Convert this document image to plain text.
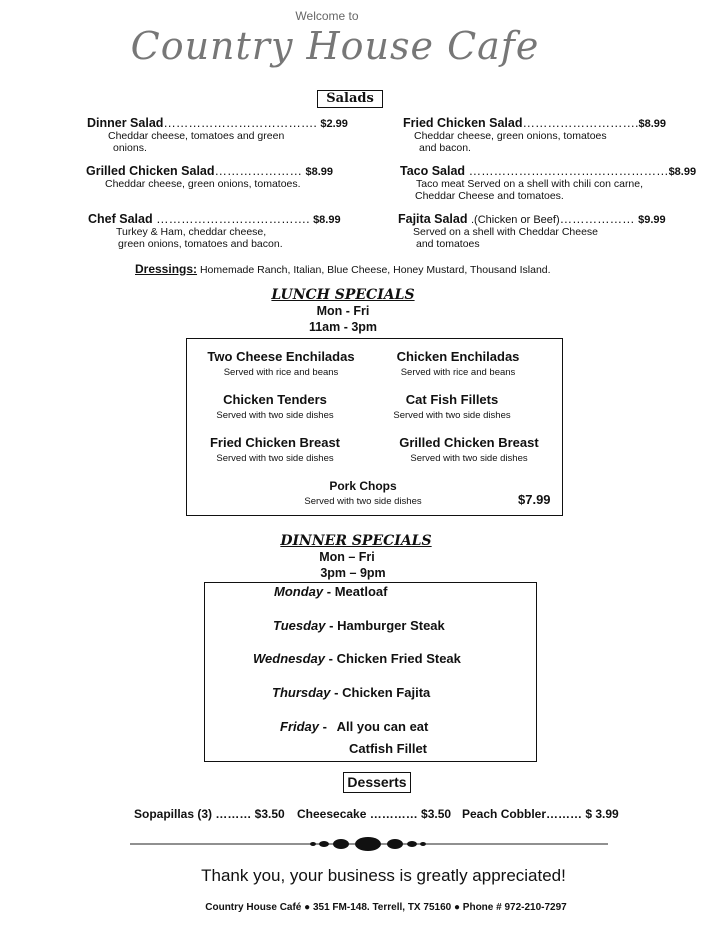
Welcome to
Country House Cafe
Salads
Dinner Salad………………………………. $2.99
Cheddar cheese, tomatoes and green
onions.
Fried Chicken Salad……………………….$8.99
Cheddar cheese, green onions, tomatoes
and bacon.
Grilled Chicken Salad………………… $8.99
Cheddar cheese, green onions, tomatoes.
Taco Salad …………………………………………$8.99
Taco meat Served on a shell with chili con carne,
Cheddar Cheese and tomatoes.
Chef Salad ………………………………. $8.99
Turkey & Ham, cheddar cheese,
green onions, tomatoes and bacon.
Fajita Salad .(Chicken or Beef)……………… $9.99
Served on a shell with Cheddar Cheese
and tomatoes
Dressings: Homemade Ranch, Italian, Blue Cheese, Honey Mustard, Thousand Island.
LUNCH SPECIALS
Mon - Fri
11am - 3pm
Two Cheese Enchiladas
Served with rice and beans
Chicken Enchiladas
Served with rice and beans
Chicken Tenders
Served with two side dishes
Cat Fish Fillets
Served with two side dishes
Fried Chicken Breast
Served with two side dishes
Grilled Chicken Breast
Served with two side dishes
Pork Chops
Served with two side dishes	$7.99
DINNER SPECIALS
Mon – Fri
3pm – 9pm
Monday - Meatloaf
Tuesday - Hamburger Steak
Wednesday - Chicken Fried Steak
Thursday - Chicken Fajita
Friday - All you can eat
Catfish Fillet
Desserts
Sopapillas (3) ……… $3.50 Cheesecake ………… $3.50 Peach Cobbler……… $ 3.99
Thank you, your business is greatly appreciated!
Country House Café ● 351 FM-148. Terrell, TX 75160 ● Phone # 972-210-7297
